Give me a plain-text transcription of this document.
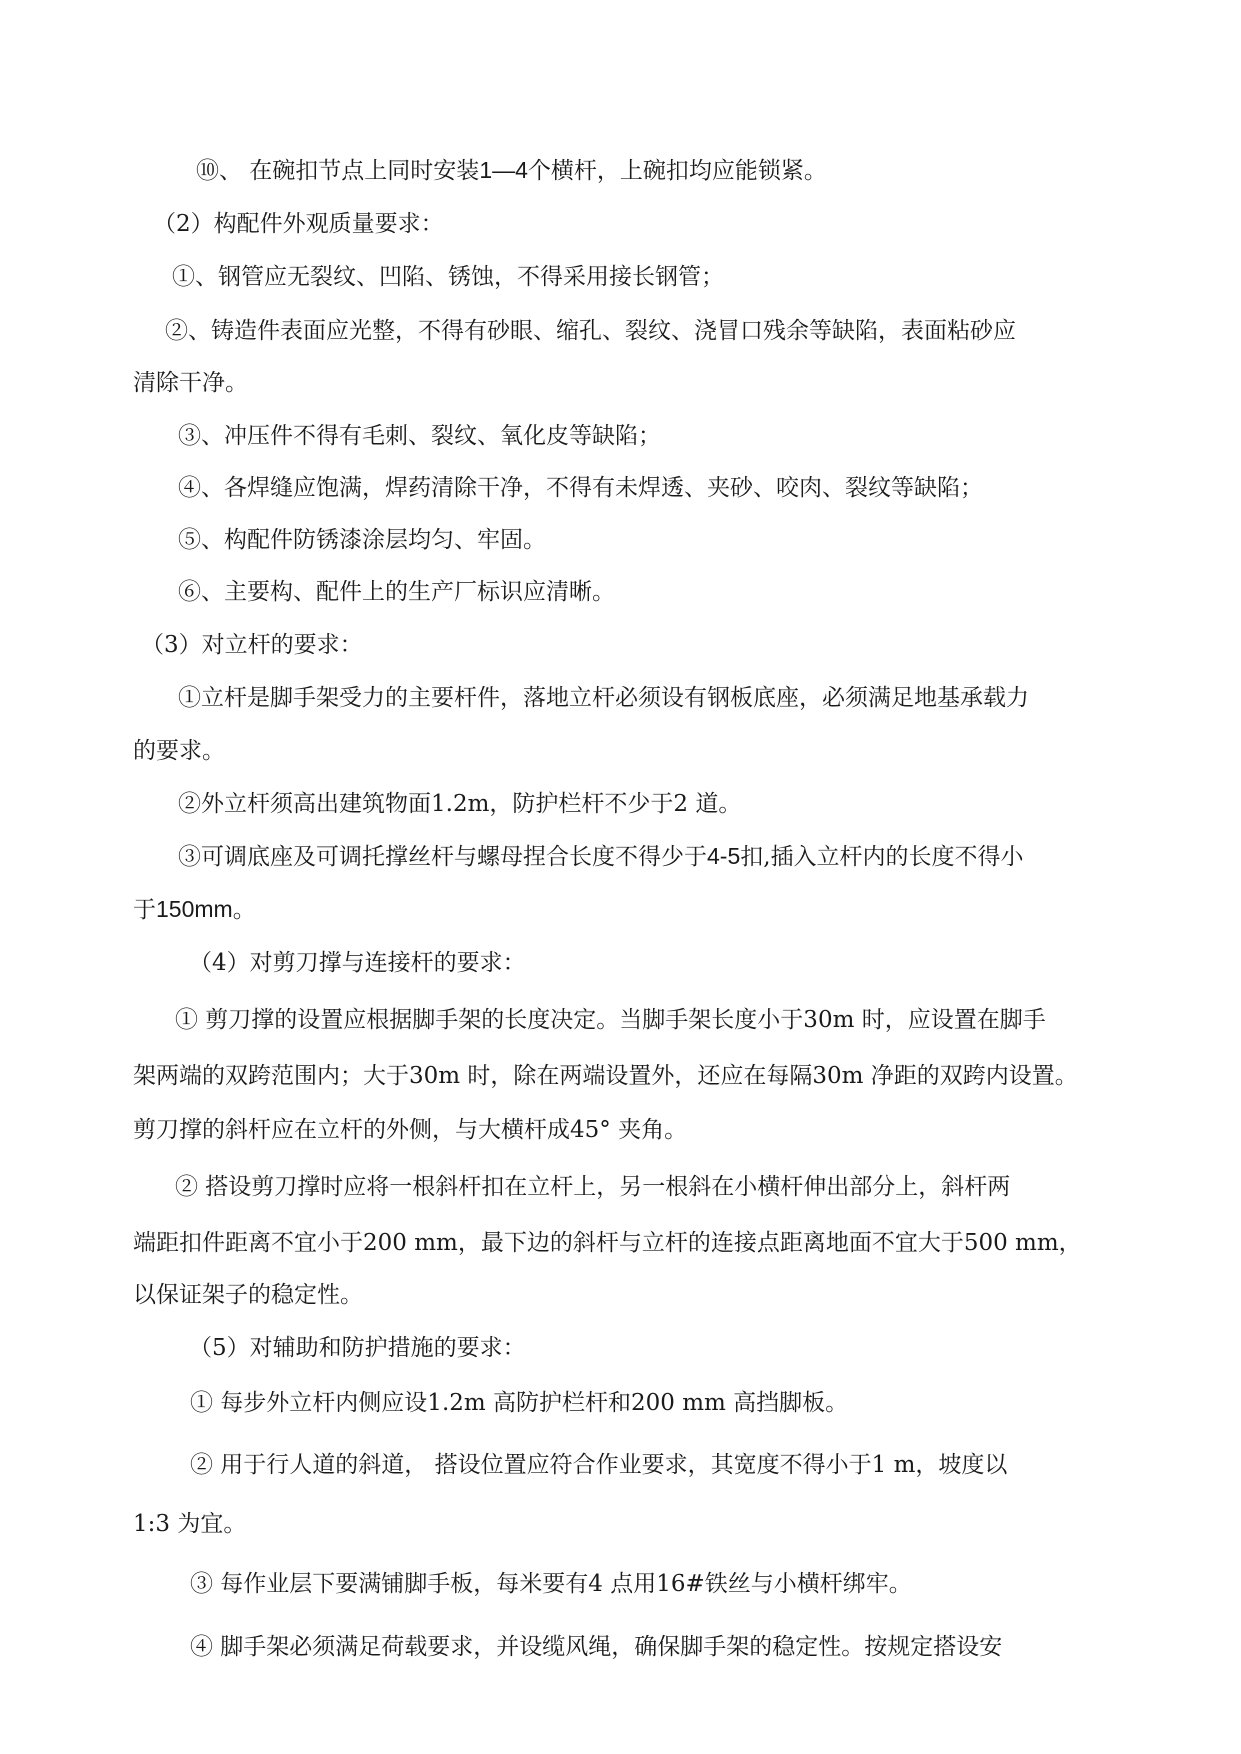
⑩、 在碗扣节点上同时安装1—4个横杆，上碗扣均应能锁紧。
（2）构配件外观质量要求：
①、钢管应无裂纹、凹陷、锈蚀，不得采用接长钢管；
②、铸造件表面应光整，不得有砂眼、缩孔、裂纹、浇冒口残余等缺陷，表面粘砂应
清除干净。
③、冲压件不得有毛刺、裂纹、氧化皮等缺陷；
④、各焊缝应饱满，焊药清除干净，不得有未焊透、夹砂、咬肉、裂纹等缺陷；
⑤、构配件防锈漆涂层均匀、牢固。
⑥、主要构、配件上的生产厂标识应清晰。
（3）对立杆的要求：
①立杆是脚手架受力的主要杆件，落地立杆必须设有钢板底座，必须满足地基承载力
的要求。
②外立杆须高出建筑物面1.2m，防护栏杆不少于2 道。
③可调底座及可调托撑丝杆与螺母捏合长度不得少于4-5扣,插入立杆内的长度不得小
于150mm。
（4）对剪刀撑与连接杆的要求：
① 剪刀撑的设置应根据脚手架的长度决定。当脚手架长度小于30m 时，应设置在脚手
架两端的双跨范围内；大于30m 时，除在两端设置外，还应在每隔30m 净距的双跨内设置。
剪刀撑的斜杆应在立杆的外侧，与大横杆成45° 夹角。
② 搭设剪刀撑时应将一根斜杆扣在立杆上，另一根斜在小横杆伸出部分上，斜杆两
端距扣件距离不宜小于200 mm，最下边的斜杆与立杆的连接点距离地面不宜大于500 mm，
以保证架子的稳定性。
（5）对辅助和防护措施的要求：
① 每步外立杆内侧应设1.2m 高防护栏杆和200 mm 高挡脚板。
② 用于行人道的斜道， 搭设位置应符合作业要求，其宽度不得小于1 m，坡度以
1:3 为宜。
③ 每作业层下要满铺脚手板，每米要有4 点用16#铁丝与小横杆绑牢。
④ 脚手架必须满足荷载要求，并设缆风绳，确保脚手架的稳定性。按规定搭设安
